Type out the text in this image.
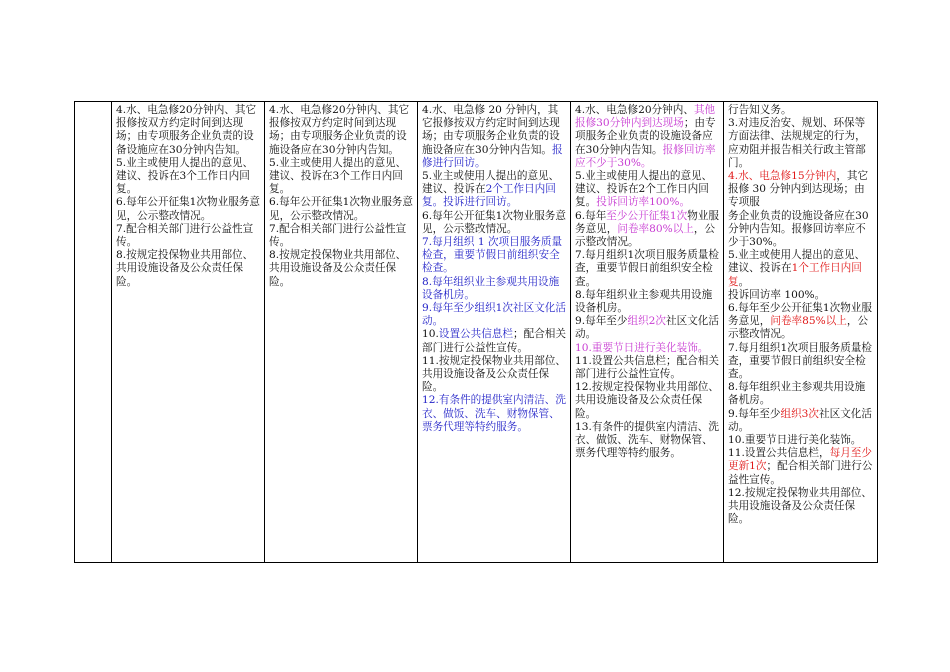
4.水、电急修20分钟内、其它报修按双方约定时间到达现场；由专项服务企业负责的设备设施应在30分钟内告知。
5.业主或使用人提出的意见、建议、投诉在3个工作日内回复。
6.每年公开征集1次物业服务意见，公示整改情况。
7.配合相关部门进行公益性宣传。
8.按规定投保物业共用部位、共用设施设备及公众责任保险。

4.水、电急修20分钟内、其它报修按双方约定时间到达现场；由专项服务企业负责的设施设备应在30分钟内告知。
5.业主或使用人提出的意见、建议、投诉在3个工作日内回复。
6.每年公开征集1次物业服务意见，公示整改情况。
7.配合相关部门进行公益性宣传。
8.按规定投保物业共用部位、共用设施设备及公众责任保险。

4.水、电急修 20 分钟内，其它报修按双方约定时间到达现场；由专项服务企业负责的设施设备应在30分钟内告知。报修进行回访。
5.业主或使用人提出的意见、建议、投诉在2个工作日内回复。投诉进行回访。
6.每年公开征集1次物业服务意见，公示整改情况。
7.每月组织 1 次项目服务质量检查，重要节假日前组织安全检查。
8.每年组织业主参观共用设施设备机房。
9.每年至少组织1次社区文化活动。
10.设置公共信息栏；配合相关部门进行公益性宣传。
11.按规定投保物业共用部位、共用设施设备及公众责任保险。
12.有条件的提供室内清洁、洗衣、做饭、洗车、财物保管、票务代理等特约服务。

4.水、电急修20分钟内、其他报修30分钟内到达现场；由专项服务企业负责的设施设备应在30分钟内告知。报修回访率应不少于30%。
5.业主或使用人提出的意见、建议、投诉在2个工作日内回复。投诉回访率100%。
6.每年至少公开征集1次物业服务意见，问卷率80%以上，公示整改情况。
7.每月组织1次项目服务质量检查，重要节假日前组织安全检查。
8.每年组织业主参观共用设施设备机房。
9.每年至少组织2次社区文化活动。
10.重要节日进行美化装饰。
11.设置公共信息栏；配合相关部门进行公益性宣传。
12.按规定投保物业共用部位、共用设施设备及公众责任保险。
13.有条件的提供室内清洁、洗衣、做饭、洗车、财物保管、票务代理等特约服务。

行告知义务。
3.对违反治安、规划、环保等方面法律、法规规定的行为，应劝阻并报告相关行政主管部门。
4.水、电急修15分钟内，其它
报修 30 分钟内到达现场；由专项服
务企业负责的设施设备应在30分钟内告知。报修回访率应不少于30%。
5.业主或使用人提出的意见、建议、投诉在1个工作日内回复。
投诉回访率 100%。
6.每年至少公开征集1次物业服务意见，问卷率85%以上，公示整改情况。
7.每月组织1次项目服务质量检查，重要节假日前组织安全检查。
8.每年组织业主参观共用设施备机房。
9.每年至少组织3次社区文化活动。
10.重要节日进行美化装饰。
11.设置公共信息栏，每月至少更新1次；配合相关部门进行公益性宣传。
12.按规定投保物业共用部位、共用设施设备及公众责任保险。
